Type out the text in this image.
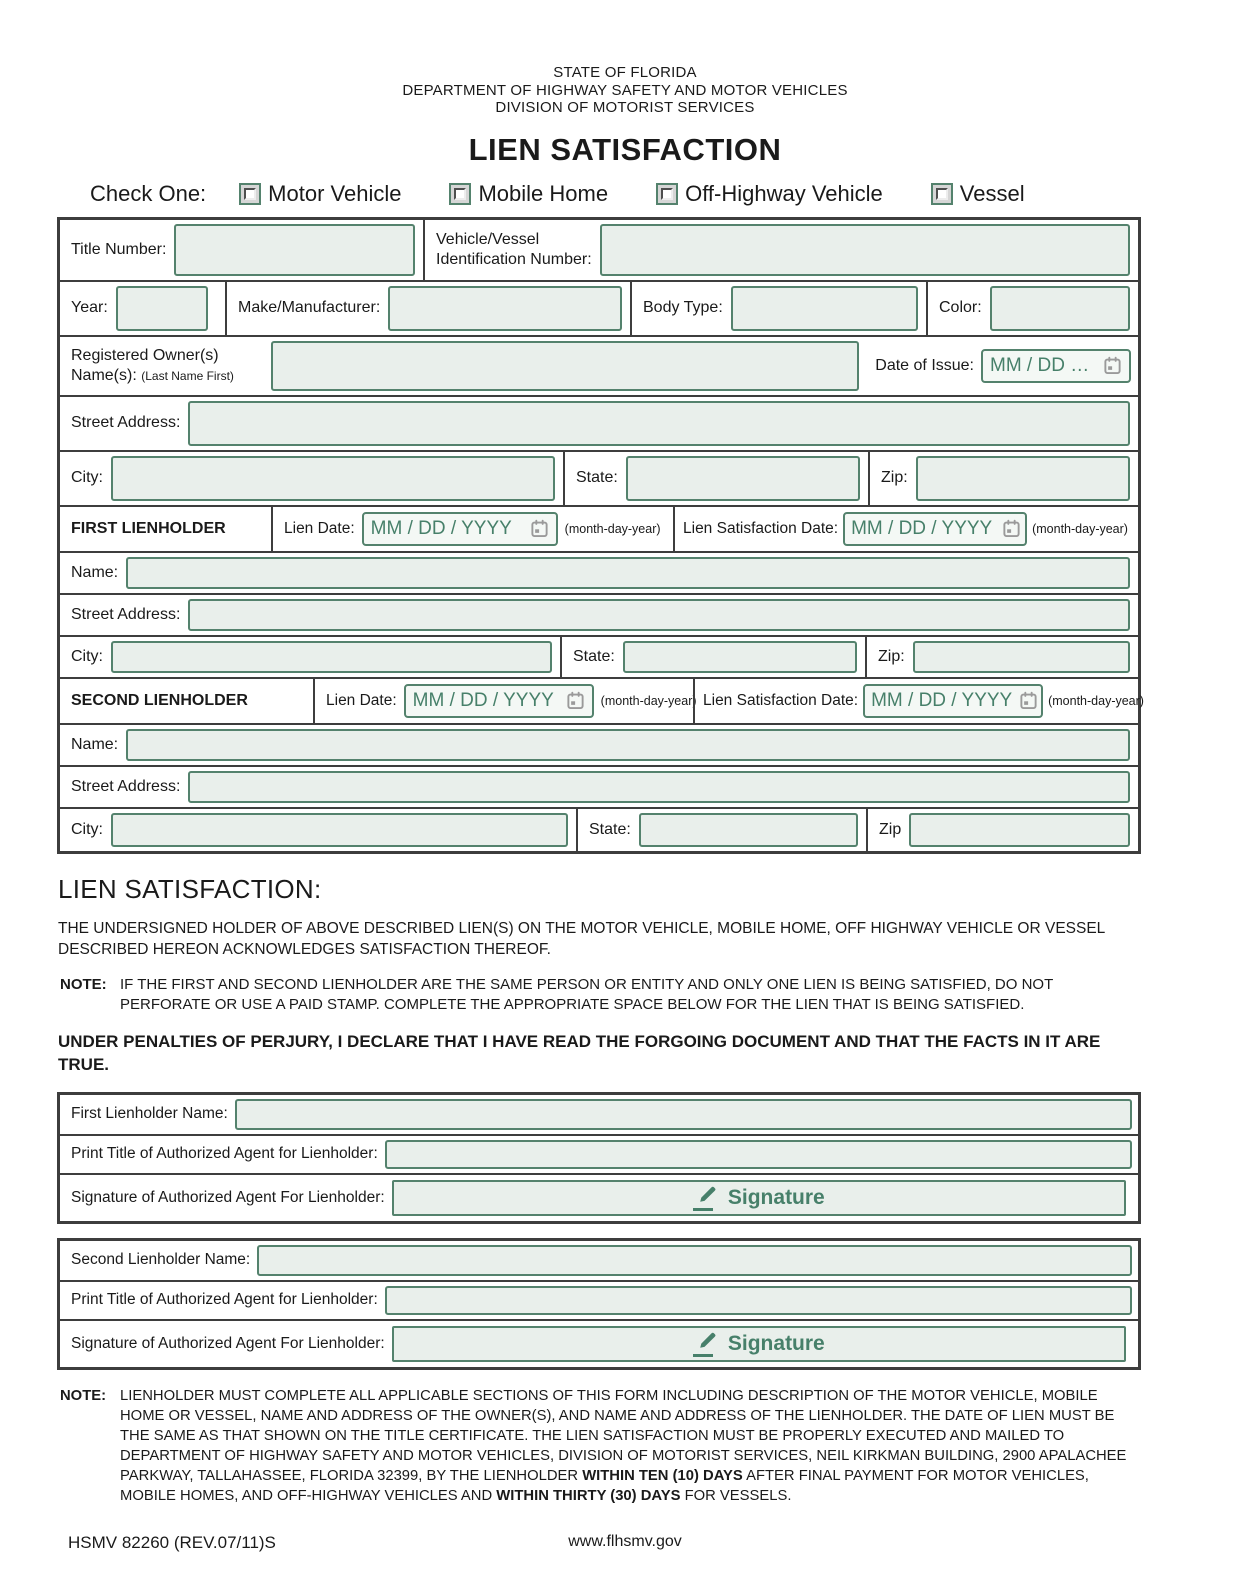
STATE OF FLORIDA
DEPARTMENT OF HIGHWAY SAFETY AND MOTOR VEHICLES
DIVISION OF MOTORIST SERVICES
LIEN SATISFACTION
Check One:	Motor Vehicle	Mobile Home	Off-Highway Vehicle	Vessel
Title Number:
Vehicle/Vessel
Identification Number:
Year:	Make/Manufacturer:	Body Type:	Color:
Registered Owner(s)
Name(s): (Last Name First)
Date of Issue: MM / DD …
Street Address:
City:	State:	Zip:
FIRST LIENHOLDER	Lien Date: MM / DD / YYYY	(month-day-year)	Lien Satisfaction Date: MM / DD / YYYY	(month-day-year)
Name:
Street Address:
City:	State:	Zip:
SECOND LIENHOLDER	Lien Date: MM / DD / YYYY	(month-day-year) Lien Satisfaction Date: MM / DD / YYYY	(month-day-year)
Name:
Street Address:
City:	State:	Zip
LIEN SATISFACTION:

THE UNDERSIGNED HOLDER OF ABOVE DESCRIBED LIEN(S) ON THE MOTOR VEHICLE, MOBILE HOME, OFF HIGHWAY VEHICLE OR VESSEL DESCRIBED HEREON ACKNOWLEDGES SATISFACTION THEREOF.

NOTE: IF THE FIRST AND SECOND LIENHOLDER ARE THE SAME PERSON OR ENTITY AND ONLY ONE LIEN IS BEING SATISFIED, DO NOT PERFORATE OR USE A PAID STAMP. COMPLETE THE APPROPRIATE SPACE BELOW FOR THE LIEN THAT IS BEING SATISFIED.

UNDER PENALTIES OF PERJURY, I DECLARE THAT I HAVE READ THE FORGOING DOCUMENT AND THAT THE FACTS IN IT ARE TRUE.

First Lienholder Name:
Print Title of Authorized Agent for Lienholder:
Signature of Authorized Agent For Lienholder:	Signature
Second Lienholder Name:
Print Title of Authorized Agent for Lienholder:
Signature of Authorized Agent For Lienholder:	Signature

NOTE: LIENHOLDER MUST COMPLETE ALL APPLICABLE SECTIONS OF THIS FORM INCLUDING DESCRIPTION OF THE MOTOR VEHICLE, MOBILE HOME OR VESSEL, NAME AND ADDRESS OF THE OWNER(S), AND NAME AND ADDRESS OF THE LIENHOLDER. THE DATE OF LIEN MUST BE THE SAME AS THAT SHOWN ON THE TITLE CERTIFICATE. THE LIEN SATISFACTION MUST BE PROPERLY EXECUTED AND MAILED TO DEPARTMENT OF HIGHWAY SAFETY AND MOTOR VEHICLES, DIVISION OF MOTORIST SERVICES, NEIL KIRKMAN BUILDING, 2900 APALACHEE PARKWAY, TALLAHASSEE, FLORIDA 32399, BY THE LIENHOLDER WITHIN TEN (10) DAYS AFTER FINAL PAYMENT FOR MOTOR VEHICLES, MOBILE HOMES, AND OFF-HIGHWAY VEHICLES AND WITHIN THIRTY (30) DAYS FOR VESSELS.

HSMV 82260 (REV.07/11)S	www.flhsmv.gov
